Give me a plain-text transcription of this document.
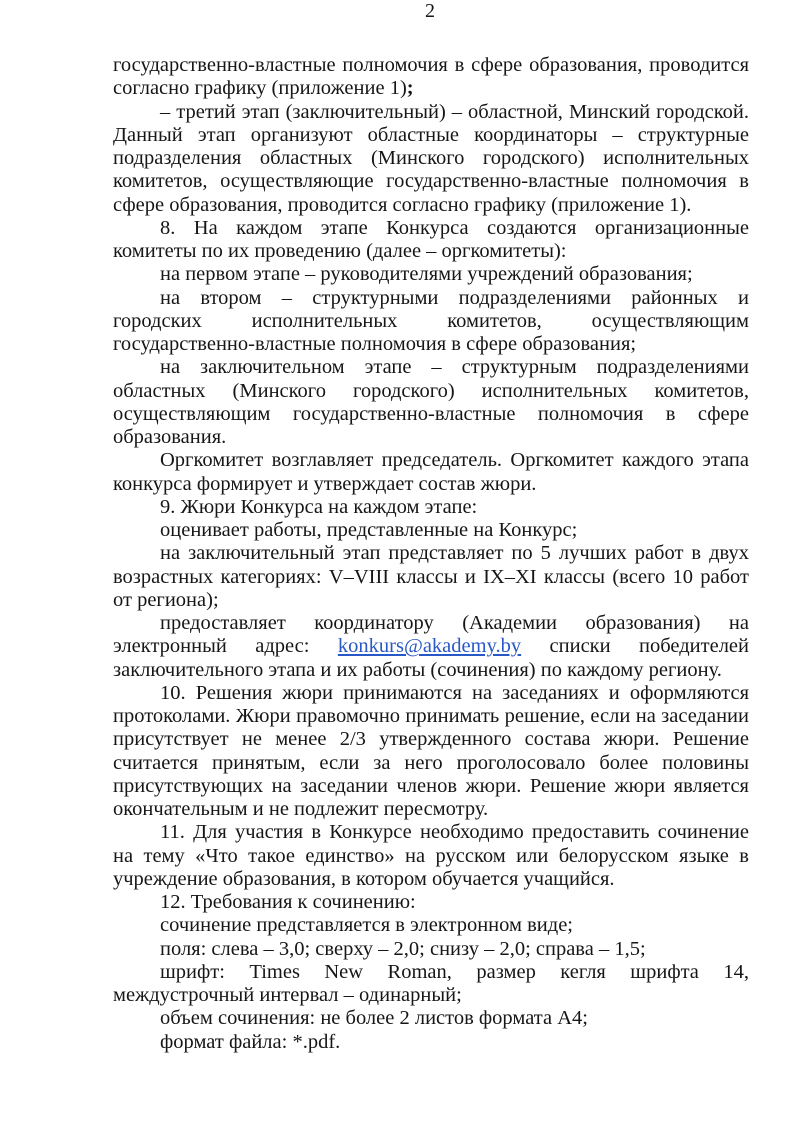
2

государственно-властные полномочия в сфере образования, проводится согласно графику (приложение 1);

– третий этап (заключительный) – областной, Минский городской. Данный этап организуют областные координаторы – структурные подразделения областных (Минского городского) исполнительных комитетов, осуществляющие государственно-властные полномочия в сфере образования, проводится согласно графику (приложение 1).

8. На каждом этапе Конкурса создаются организационные комитеты по их проведению (далее – оргкомитеты):

на первом этапе – руководителями учреждений образования;

на втором – структурными подразделениями районных и городских исполнительных комитетов, осуществляющим государственно-властные полномочия в сфере образования;

на заключительном этапе – структурным подразделениями областных (Минского городского) исполнительных комитетов, осуществляющим государственно-властные полномочия в сфере образования.

Оргкомитет возглавляет председатель. Оргкомитет каждого этапа конкурса формирует и утверждает состав жюри.

9. Жюри Конкурса на каждом этапе:

оценивает работы, представленные на Конкурс;

на заключительный этап представляет по 5 лучших работ в двух возрастных категориях: V–VIII классы и IX–XI классы (всего 10 работ от региона);

предоставляет координатору (Академии образования) на электронный адрес: konkurs@akademy.by списки победителей заключительного этапа и их работы (сочинения) по каждому региону.

10. Решения жюри принимаются на заседаниях и оформляются протоколами. Жюри правомочно принимать решение, если на заседании присутствует не менее 2/3 утвержденного состава жюри. Решение считается принятым, если за него проголосовало более половины присутствующих на заседании членов жюри. Решение жюри является окончательным и не подлежит пересмотру.

11. Для участия в Конкурсе необходимо предоставить сочинение на тему «Что такое единство» на русском или белорусском языке в учреждение образования, в котором обучается учащийся.

12. Требования к сочинению:

сочинение представляется в электронном виде;

поля: слева – 3,0; сверху – 2,0; снизу – 2,0; справа – 1,5;

шрифт: Times New Roman, размер кегля шрифта 14, междустрочный интервал – одинарный;

объем сочинения: не более 2 листов формата А4;

формат файла: *.pdf.
